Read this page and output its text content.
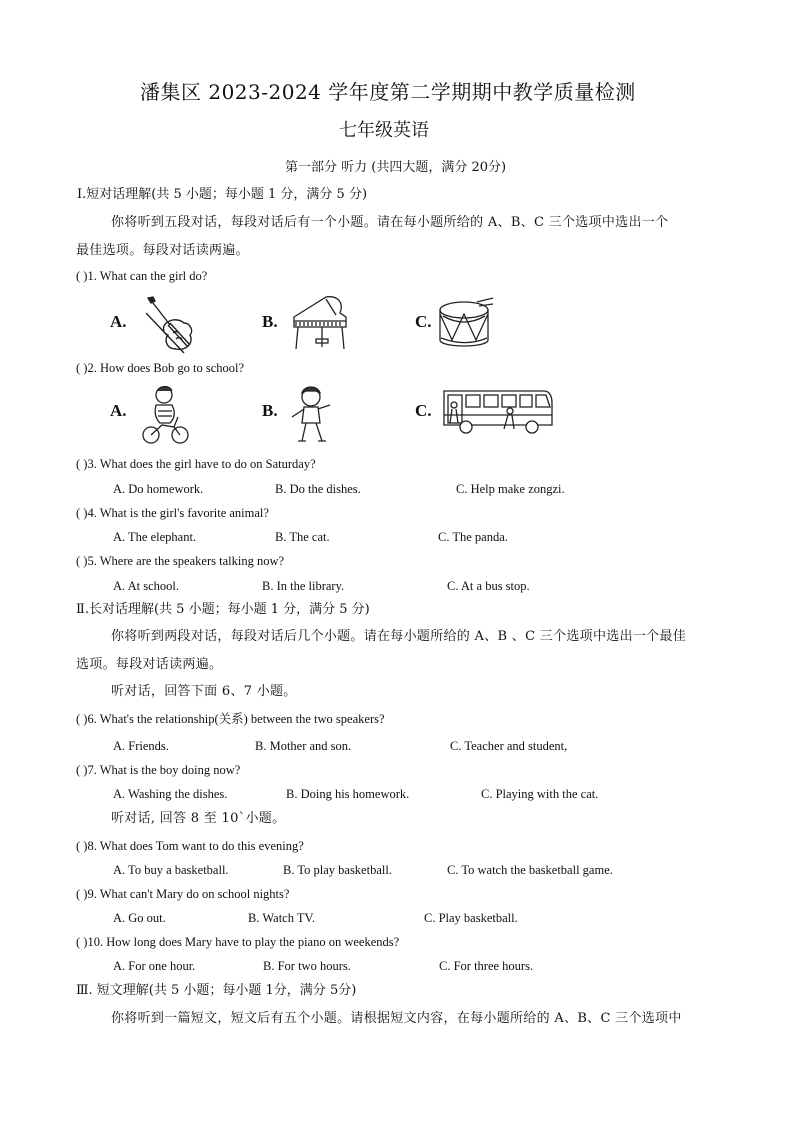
潘集区 2023-2024 学年度第二学期期中教学质量检测
七年级英语
第一部分 听力 (共四大题，满分 20分)
Ⅰ.短对话理解(共 5 小题；每小题 1 分，满分 5 分)
你将听到五段对话，每段对话后有一个小题。请在每小题所给的 A、B、C 三个选项中选出一个
最佳选项。每段对话读两遍。
( )1. What can the girl do?
A.	B.	C.
( )2. How does Bob go to school?
A.	B.	C.
( )3. What does the girl have to do on Saturday?
A. Do homework.	B. Do the dishes.	C. Help make zongzi.
( )4. What is the girl's favorite animal?
A. The elephant.	B. The cat.	C. The panda.
( )5. Where are the speakers talking now?
A. At school.	B. In the library.	C. At a bus stop.
Ⅱ.长对话理解(共 5 小题；每小题 1 分，满分 5 分)
你将听到两段对话，每段对话后几个小题。请在每小题所给的 A、B 、C 三个选项中选出一个最佳
选项。每段对话读两遍。
听对话，回答下面 6、7 小题。
( )6. What's the relationship(关系) between the two speakers?
A. Friends.	B. Mother and son.	C. Teacher and student,
( )7. What is the boy doing now?
A. Washing the dishes.	B. Doing his homework.	C. Playing with the cat.
听对话, 回答 8 至 10`小题。
( )8. What does Tom want to do this evening?
A. To buy a basketball.	B. To play basketball.	C. To watch the basketball game.
( )9. What can't Mary do on school nights?
A. Go out.	B. Watch TV.	C. Play basketball.
( )10. How long does Mary have to play the piano on weekends?
A. For one hour.	B. For two hours.	C. For three hours.
Ⅲ. 短文理解(共 5 小题；每小题 1分，满分 5分)
你将听到一篇短文，短文后有五个小题。请根据短文内容，在每小题所给的 A、B、C 三个选项中
